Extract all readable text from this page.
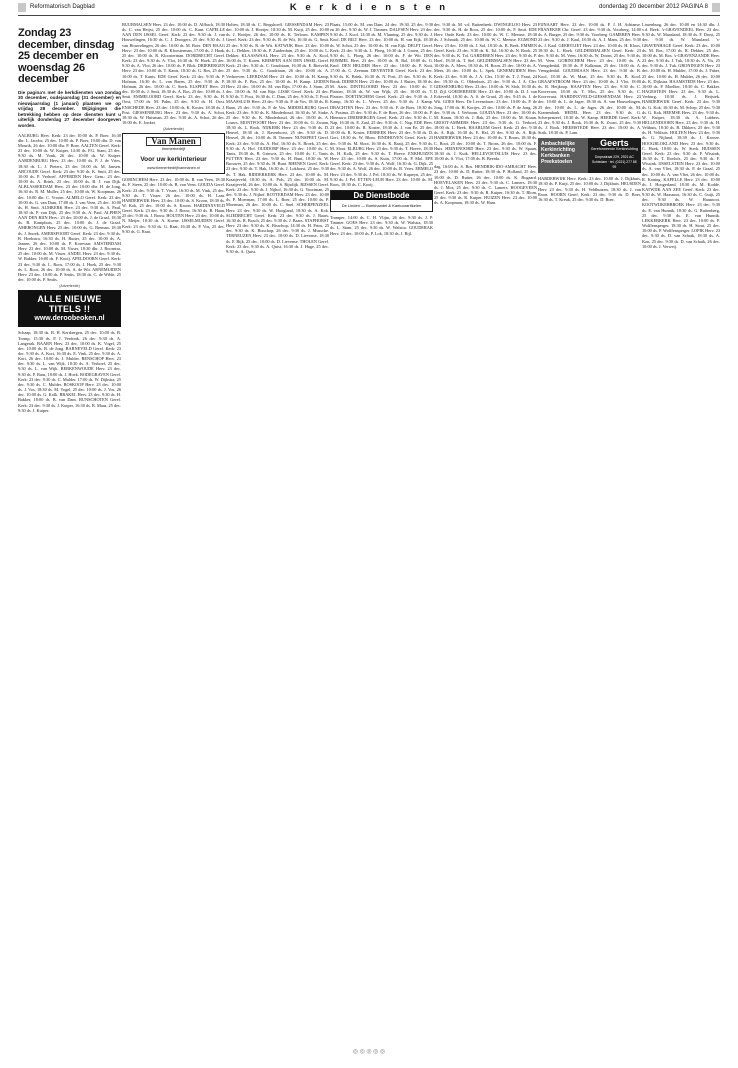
Reformatorisch Dagblad	K e r k d i e n s t e n	donderdag 20 december 2012 PAGINA 8
Zondag 23 december, dinsdag 25 december en woensdag 26 december
Die pagina's met de kerkdiensten van zondag 30 december, oudejaarsdag (31 december) en nieuwjaarsdag (1 januari) plaatsen we op vrijdag 28 december. Wijzigingen die betrekking hebben op deze diensten kunt u uiterlijk donderdag 27 december doorgeven worden.

AALBURG Herv. Kerk: 23 dec 10:00 ds. P. Boer, 16:30 dhr. L. Jacobs; 25 dec. 10:00 ds. P. Boer, 19:00 dhr. D. van Mourik, 26 dec. 10:00 dhr. P. Boer. AALTEN Geref. Kerk: 23 dec. 10:00 ds. W. Kuiper, 14:30 ds. P.G. Stam, 25 dec. 9:30 ds. M. Vonk, 26 dec. 10:00 ds. W. Kuiper. AARDENBURG Herv. 23 dec. 10:00 ds. P. J. de Vries, 18:30 ds. L. J. Pieters, 25 dec 10:00 ds. M. Jansen. ABCOUDE Geref. Kerk: 23 dec 9:30 ds. K. Smit, 25 dec. 10:00 ds. P. Verhoef. AFFERDEN Herv. Gem.: 23 dec. 10:00 ds. A. Brink, 25 dec. 10:00 ds. B. J. van Dijk. ALBLASSERDAM Herv. 23 dec 10:00 dhr. H. de Jong, 16:30 ds. R. M. Muller, 25 dec. 10:00 ds. W. Koopman, 26 dec. 10:00 dhr. C. Vroom. ALMELO Geref. Kerk: 23 dec 10:00 ds. G. van Dam, 17:00 ds. J. van Veen, 25 dec. 10:00 ds. H. Smit. ALMKERK Herv. 23 dec. 9:30 ds. A. Paul, 18:30 ds. P. van Dijk, 25 dec 9:30 ds. A. Paul. ALPHEN AAN DEN RIJN Herv.: 23 dec 10:00 ds. J. de Graaf, 18:30 ds. B. Kamphuis, 25 dec. 10:00 ds. J. de Graaf. AMERONGEN Herv. 23 dec. 10:00 ds. G. Breman, 18:30 ds. J. Snoek. AMERSFOORT Geref. Kerk: 23 dec. 9:30 ds. B. Hoekstra, 16:30 ds. H. Ruiter, 25 dec. 10:00 ds. A. Jansen, 26 dec. 10:00 ds. P. Korevaar. AMSTERDAM Herv. 23 dec. 10:00 ds. M. Visser, 18:30 dhr. J. Boonstra, 25 dec. 10:00 ds. M. Visser. ANDEL Herv. 23 dec. 9:30 ds. W. Bakker, 16:00 ds. F. Kooij. APELDOORN Geref. Kerk: 23 dec. 9:30 ds. L. Roos, 17:00 ds. J. Hoek, 25 dec. 9:30 ds. L. Roos, 26 dec. 10:00 ds. A. de Wit. ARNEMUIDEN Herv. 23 dec. 10:00 ds. P. Smits, 18:30 ds. C. de Wilde, 25 dec. 10:00 ds. P. Smits.

(Advertentie)
ALLE NIEUWE TITELS !!
www.deroobeoken.nl

Schaap, 18:30 ds. B. H. Kersbergen, 25 dec. 10:00 ds. B. Tromp, 15:30 ds. P. J. Verdonk, 26 dec. 9:30 ds. A. Langerak. BAARN Herv. 23 dec. 10:00 ds. K. Vogel, 25 dec. 10:00 ds. R. de Jong. BARNEVELD Geref. Kerk: 23 dec. 9:30 ds. A. Kort, 16:30 ds. E. Vink, 25 dec. 9:30 ds. A. Kort, 26 dec. 10:00 ds. J. Mulder. BENSCHOP Herv. 23 dec. 9:30 ds. L. van Wijk, 18:30 ds. A. Verhoef, 25 dec. 9:30 ds. L. van Wijk. BERKENWOUDE Herv. 23 dec. 9:30 ds. P. Baas, 18:00 ds. J. Hoek. BODEGRAVEN Geref. Kerk: 23 dec. 9:30 ds. C. Mulder, 17:00 ds. W. Dijkstra, 25 dec. 9:30 ds. C. Mulder. BOSKOOP Herv. 23 dec. 10:00 ds. J. Vos, 18:30 ds. M. Vogel, 25 dec. 10:00 ds. J. Vos, 26 dec. 10:00 ds. G. Kolk. BRAKEL Herv. 23 dec. 9:30 ds. H. Bakker, 18:00 ds. B. van Dam. BUNSCHOTEN Geref. Kerk: 23 dec. 9:30 ds. J. Kuiper, 16:30 ds. R. Maas, 25 dec. 9:30 ds. J. Kuiper.

BUURMALSEN Herv. 23 dec. 10:00 ds. D. Alfbach, 18:30 ds. C. van Heijst, 25 dec. 10:00 ds. C. Kant. CAPELLE AAN DEN IJSSEL Geref. Kerk: 23 dec. 9:30 ds. J. van Houwelingen, 16:30 ds. C. J. Droogers, 25 dec. 9:30 ds. J. van Houwelingen, 26 dec. 10:00 ds. M. Boer. DEN HAAG Herv.: 23 dec. 10:00 ds. R. Kloosterman, 17:00 ds. J. Haak, 25 dec. 10:00 ds. R. Kloosterman. DORDRECHT Geref. Kerk: 23 dec. 9:30 ds. A. Vlot, 16:30 ds. W. Hoek, 25 dec. 9:30 ds. A. Vlot, 26 dec. 10:00 ds. P. Blok. DRIEBERGEN Herv. 23 dec. 10:00 ds. T. Kanis, 18:30 ds. G. Ros, 25 dec. 10:00 ds. T. Kanis. EDE Geref. Kerk: 23 dec. 9:30 ds. P. Hofman, 16:30 ds. L. van Baren, 25 dec. 9:30 ds. P. Hofman, 26 dec. 10:00 ds. C. Sterk. ELSPEET Herv. 23 dec. 10:00 ds. J. Smit, 18:30 ds. A. Bos, 25 dec. 10:00 ds. J. Smit. EMMELOORD Geref. Kerk: 23 dec. 9:30 ds. H. Oost, 17:00 ds. M. Palm, 25 dec. 9:30 ds. H. Oost. ENSCHEDE Herv. 23 dec. 10:00 ds. K. Koster, 18:30 ds. J. Post. GIESSENBURG Herv. 23 dec. 9:30 ds. A. Schot, 18:30 ds. W. Huisman, 25 dec. 9:30 ds. A. Schot, 26 dec. 10:00 ds. E. Jonker.

(Advertentie)
Van Manen
timmerbedrijf
Voor uw kerkinterieur
www.timmerbedrijfvanmanen.nl

GORINCHEM Herv. 23 dec. 10:00 ds. B. van Veen, 18:30 ds. F. Steen, 25 dec. 10:00 ds. B. van Veen. GOUDA Geref. Kerk: 23 dec. 9:30 ds. T. Visser, 16:30 ds. M. Vink, 25 dec. 9:30 ds. T. Visser, 26 dec. 10:00 ds. H. Lam. HARDERWIJK Herv. 23 dec. 10:00 ds. S. Kroon, 18:30 ds. W. Kok, 25 dec. 10:00 ds. S. Kroon. HARDINXVELD Geref. Kerk: 23 dec. 9:30 ds. J. Bouw, 16:30 ds. R. Haan, 25 dec. 9:30 ds. J. Bouw. HOUTEN Herv. 23 dec. 10:00 ds. N. Meijer, 18:30 ds. A. Koene. IJSSELMUIDEN Geref. Kerk: 23 dec. 9:30 ds. G. Raat, 16:30 ds. P. Vos, 25 dec. 9:30 ds. G. Raat.

Holten, 18:30 ds. C. Bergshoeff. GIESSENDAM Herv. 23 dec. 10:00 ds. J. Hooijer, 18:30 ds. M. Kuijt, 25 dec. 10:00 ds. J. Hooijer, 26 dec. 10:00 ds. K. Terlouw. KAMPEN Geref. Kerk: 23 dec. 9:30 ds. R. de Wit, 16:30 ds. G. Smit, 25 dec. 9:30 ds. R. de Wit. KATWIJK Herv. 23 dec. 10:00 ds. L. Dekker, 18:30 ds. P. Zuiderduin, 25 dec. 10:00 ds. L. Dekker. KLAASWAAL Herv. 23 dec. 9:30 ds. A. Kool, 16:00 ds. T. Koren. KRIMPEN AAN DEN IJSSEL Geref. Kerk: 23 dec. 9:30 ds. C. Goudriaan, 16:30 ds. E. Rietveld, 25 dec. 9:30 ds. C. Goudriaan, 26 dec. 10:00 ds. A. Verhoeven. LEERDAM Herv. 23 dec. 10:00 ds. H. Kamp, 18:30 ds. F. Bos, 25 dec. 10:00 ds. H. Kamp. LEIDEN Herv. 23 dec. 10:00 ds. M. van Rijn, 17:00 ds. J. Stam, 25 dec. 10:00 ds. M. van Rijn. LISSE Geref. Kerk: 23 dec. 9:30 ds. T. Poot, 16:30 ds. C. Dam, 25 dec. 9:30 ds. T. Poot. MAASSLUIS Herv. 23 dec. 9:30 ds. P. de Vos, 18:30 ds. R. Baan, 25 dec. 9:30 ds. P. de Vos. MIDDELBURG Geref. Kerk: 23 dec. 9:30 ds. K. Minderhoud, 16:30 ds. W. Sinke, 25 dec. 9:30 ds. K. Minderhoud, 26 dec. 10:00 ds. A. Louws. MONTFOORT Herv. 23 dec. 10:00 ds. G. Zwaan, 18:30 ds. L. Rook. NIJKERK Herv. 23 dec. 9:30 ds. D. Heuvel, 18:30 ds. J. Ravenhorst, 25 dec. 9:30 ds. D. Heuvel, 26 dec. 10:00 ds. B. Timmer. NUNSPEET Geref. Kerk: 23 dec. 9:30 ds. A. Hof, 16:30 ds. E. Broek, 25 dec. 9:30 ds. A. Hof. OUDDORP Herv. 23 dec. 10:00 ds. C. Tanis, 18:30 ds. B. Grinwis, 25 dec. 10:00 ds. C. Tanis. PUTTEN Herv. 23 dec. 9:30 ds. H. Bunt, 18:30 ds. W. Brouwer, 25 dec. 9:30 ds. H. Bunt. RHENEN Geref. Kerk: 23 dec. 9:30 ds. T. Hak, 16:30 ds. J. Lokhorst, 25 dec. 9:30 ds. T. Hak. RIDDERKERK Herv. 23 dec. 10:00 ds. M. Kraaijeveld, 18:30 ds. A. Pols, 25 dec. 10:00 ds. M. Kraaijeveld, 26 dec. 10:00 ds. S. Rijsdijk. RIJSSEN Geref. Kerk: 23 dec. 9:30 ds. J. Nijhof, 16:30 ds. G. Voortman, 25 dec. 9:30 ds. J. Nijhof. ROTTERDAM Herv. 23 dec. 10:00 ds. P. Moerman, 17:00 ds. L. Boer, 25 dec. 10:00 ds. P. Moerman, 26 dec. 10:00 ds. C. Snel. SCHERPENZEEL Herv. 23 dec. 9:30 ds. W. Hoogland, 18:30 ds. A. Kok. SLIEDRECHT Geref. Kerk: 23 dec. 9:30 ds. J. Baars, 16:30 ds. R. Bosch, 25 dec. 9:30 ds. J. Baars. STAPHORST Herv. 23 dec. 9:30 ds. K. Bisschop, 14:30 ds. H. Prins, 25 dec. 9:30 ds. K. Bisschop, 26 dec. 9:30 ds. J. Mussche. TERNEUZEN Herv. 23 dec. 10:00 ds. D. Lievense, 18:30 ds. F. Rijk, 25 dec. 10:00 ds. D. Lievense. THOLEN Geref. Kerk: 23 dec. 9:30 ds. A. Quist, 16:30 ds. J. Hage, 25 dec. 9:30 ds. A. Quist.

Plaats, 15:00 ds. M. van Dam, 24 dec. 19:30, 25 dec. 9:30 en 26 dec. 9:30 ds. W. J. Timmer. DALFSEN Herv. 23 dec. 9:30 ds. J. Kool, 14:30 ds. M. Vlaming, 25 dec. 9:30 ds. J. Kool. DE BILT Herv. 23 dec. 10:00 ds. H. van Eijk, 18:30 ds. W. Schot, 25 dec. 10:00 ds. H. van Eijk. DELFT Geref. Kerk: 23 dec. 9:30 ds. L. Ploeg, 16:30 ds. J. Groen, 25 dec. 9:30 ds. L. Ploeg, 26 dec. 10:00 ds. F. de Wit. DEN BOMMEL Herv. 23 dec. 10:00 ds. R. Bol, 18:00 ds. G. Knol. DEN HELDER Herv. 23 dec. 10:00 ds. P. Kuit, 17:00 ds. C. Zeeman. DEVENTER Geref. Kerk: 23 dec. 9:30 ds. K. Brink, 16:30 ds. N. Post, 25 dec. 9:30 ds. K. Brink. DIEREN Herv. 23 dec. 10:00 ds. J. Ruiter, 18:30 ds. M. Aarts. DINTELOORD Herv. 23 dec. 10:00 ds. T. Plaisier, 18:30 ds. W. van Wijk, 25 dec. 10:00 ds. T. Plaisier. DOETINCHEM Geref. Kerk: 23 dec. 9:30 ds. J. Kamp, 16:30 ds. L. Wever, 25 dec. 9:30 ds. J. Kamp. DRACHTEN Herv. 23 dec. 9:30 ds. F. de Boer, 18:30 ds. A. Postma, 25 dec. 9:30 ds. F. de Boer, 26 dec. 10:00 ds. P. Hiemstra. DRIEBERGEN Geref. Kerk: 23 dec. 9:30 ds. C. Nap, 16:30 ds. E. Zaal, 25 dec. 9:30 ds. C. Nap. EDE Herv. 23 dec. 10:00 ds. R. Koster, 18:30 ds. J. van Ee, 25 dec. 10:00 ds. R. Koster. EERBEEK Herv. 23 dec. 9:30 ds. D. Gort, 18:30 ds. W. Blom. EINDHOVEN Geref. Kerk: 23 dec. 9:30 ds. M. Sloot, 16:30 ds. K. Raaij, 25 dec. 9:30 ds. M. Sloot. ELBURG Herv. 23 dec. 9:30 ds. T. Hoeve, 18:30 ds. H. Kolk, 25 dec. 9:30 ds. T. Hoeve. ENKHUIZEN Herv. 23 dec. 10:00 ds. S. Kuin, 17:00 ds. P. Mol. EPE Geref. Kerk: 23 dec. 9:30 ds. A. Wolf, 16:30 ds. G. Dijk, 25 dec. 9:30 ds. A. Wolf, 26 dec. 10:00 ds. B. Vries. ERMELO Herv. 23 dec. 9:30 ds. J. Pel, 18:30 ds. W. Kapteyn, 25 dec. 9:30 ds. J. Pel. ETTEN-LEUR Herv. 23 dec. 10:00 ds. M. Roos, 18:30 ds. C. Kooij.

De Dienstbode
De Linden — Boekhandel & Kantoorartikelen

Tramper, 14:00 ds. C. H. Vlijm, 26 dec. 9:30 ds. J. P. Timmer. GOES Herv. 23 dec. 9:30 ds. W. Walstra, 18:30 ds. L. Stam, 25 dec. 9:30 ds. W. Walstra. GOUDERAK Herv. 23 dec. 10:00 ds. P. Lok, 18:30 ds. J. Bijl.

dec. 9:30 ds. M. v.d. Ruitenbeek. DWINGELOO Herv. 23 dec. 9:30 ds. H. de Roos, 25 dec. 10:00 ds. F. Smit. EDE Herv. Oude Kerk: 23 dec. 10:00 ds. W. C. Meeuse, 18:30 ds. J. Schmidt, 25 dec. 10:00 ds. W. C. Meeuse. EGMOND Herv. 23 dec. 10:00 ds. J. Sol, 18:30 ds. B. Beek. EMMEN Geref. Kerk: 23 dec. 9:30 ds. K. Tol, 16:30 ds. N. Rook, 25 dec. 9:30 ds. K. Tol. GARDEREN Herv. 23 dec. 9:30 ds. P. Hoef, 18:30 ds. T. Stel. GELDERMALSEN Herv. 23 dec. 10:00 ds. A. Mees, 18:30 ds. H. Boon, 25 dec. 10:00 ds. A. Mees, 26 dec. 10:00 ds. L. Spek. GENEMUIDEN Herv. Kerk: 23 dec. 9:30 ds. J. A. Cler, 15:30 ds. T. J. Fraai, 24 dec. 19:30 ds. C. Oldenhuis, 25 dec. 9:30 ds. J. A. Cler. GIESSENBURG Herv. 23 dec. 10:00 ds. W. Slob, 18:30 ds. D. Zijl. GOEDEREEDE Herv. 23 dec. 10:00 ds. D. J. van Eckeveld, 18:30 ds. A. S. de Graaf, 25 dec. 9:45 ds. J. de Wit. GOES Herv. De Levensbron: 23 dec. 10:00 ds. P. de Jong, 17:00 ds. H. Kortjes, 25 dec. 10:00 ds. P. de Jong, 26 dec. 9:30 ds. J. Verboom. GOUDA Herv. 23 dec. 10:00 ds. M. Kraan, 18:30 ds. J. Bak, 25 dec. 10:00 ds. M. Kraan. GROOT-AMMERS Herv. 23 dec. 9:30 ds. G. Verhoef, 18:00 ds. L. Beek. HAARLEM Geref. Kerk: 23 dec. 9:30 ds. A. Rijk, 16:30 ds. E. Hal, 25 dec. 9:30 ds. A. Rijk. HARDERWIJK Herv. 23 dec. 10:00 ds. T. Brons, 18:30 ds. C. Boot, 25 dec. 10:00 ds. T. Brons, 26 dec. 10:00 ds. F. Huis. HEINENOORD Herv. 23 dec. 9:30 ds. W. Spaan, 18:30 ds. J. Kuik. HELLEVOETSLUIS Herv. 23 dec. 10:00 ds. S. Vlot, 17:00 ds. B. Beerda.

dag, 16:00 ds. S. Bos. HENDRIK-IDO-AMBACHT Herv. 23 dec. 10:00 ds. D. Ruiter, 18:30 ds. P. Hofland, 25 dec. 10:00 ds. D. Ruiter, 26 dec. 10:00 ds. K. Bogaard. HOEVELAKEN Herv. 23 dec. 9:30 ds. C. Lamers, 18:30 ds. J. Mos, 25 dec. 9:30 ds. C. Lamers. HOOGEVEEN Geref. Kerk: 23 dec. 9:30 ds. R. Kuiper, 16:30 ds. T. Blom, 25 dec. 9:30 ds. R. Kuiper. HUIZEN Herv. 23 dec. 10:00 ds. A. Koopman, 18:30 ds. W. Ham.

FIJNAART Herv. 23 dec. 10:00 ds. P. J. H. Adrianse. FRANEKER Chr. Geref. 23 dec. 9:30 ds. Voorberg, 14:00 ds. A. Burger, 25 dec. 9:30 ds. Voorberg. GAMEREN Herv. 23 dec. 9:30 ds. J. Kaal, 18:30 ds. A. J. Mans, 25 dec. 9:30 ds. J. Kaal. GEERVLIET Herv. 23 dec. 10:00 ds. H. Kloos, 18:30 ds. L. Hoek. GELDERMALSEN Geref. Kerk: 23 dec. 9:30 ds. M. Veen, 16:30 ds. W. Doorn, 25 dec. 9:30 ds. M. Veen. GORINCHEM Herv. 23 dec. 10:00 ds. A. Vreugdenhil, 18:30 ds. P. Kalkman, 25 dec. 10:00 ds. A. Vreugdenhil. GOUDRIAAN Herv. 23 dec. 9:30 ds. B. Kool, 18:30 ds. W. Maat, 25 dec. 9:30 ds. B. Kool. GRAAFSTROOM Herv. 23 dec. 10:00 ds. J. Vlot, 18:00 ds. R. Heijkoop. HAAFTEN Herv. 23 dec. 9:30 ds. C. Koorevaar, 18:30 ds. T. Mos, 25 dec. 9:30 ds. C. Koorevaar. HARDINXVELD-GIESSENDAM Herv. 23 dec. 10:00 ds. L. de Jager, 18:30 ds. A. van Houwelingen, 25 dec. 10:00 ds. L. de Jager, 26 dec. 10:00 ds. M. Kranendonk. HEDEL Herv. 23 dec. 9:30 ds. G. Scherpenzeel, 18:30 ds. W. Kamp. HEERDE Geref. Kerk: 23 dec. 9:30 ds. J. Rook, 16:30 ds. K. Zwart, 25 dec. 9:30 ds. J. Rook. HEEMSTEDE Herv. 23 dec. 10:00 ds. A. Strik, 18:30 ds. P. Lam.

Ambachtelijke Kerkinrichting Kerkbanken Preekstoelen
Geerts
Gereformeerde Kerkinrichting
Dorpsstraat 229, 2921 AC Schiedam · tel. (0221) 277 88 99

HARDERWIJK Herv. Kerk: 23 dec. 10:00 ds. J. Dijkhuis, 18:30 ds. P. Kuijt, 25 dec. 10:00 ds. J. Dijkhuis. HEUSDEN Herv. 23 dec. 9:30 ds. H. Veldhuizen, 18:30 ds. J. van Roon. HOORN Geref. Kerk: 23 dec. 9:30 ds. D. Boer, 16:30 ds. T. Kreuk, 25 dec. 9:30 ds. D. Boer.

Lissenburg, 26 dec. 10:00 en 14:30 dhr. J. v.d. Beek. 's-GRAVENDEEL Herv. 23 dec. 9:30 ds. W. Maasland, 18:30 ds. F. Dorst, 25 dec. 9:30 ds. W. Maasland. 's-GRAVENHAGE Geref. Kerk: 23 dec. 10:00 ds. M. Bos, 17:00 ds. R. Dekker, 25 dec. 10:00 ds. M. Bos. 's-GRAVENZANDE Herv. 23 dec. 9:30 ds. J. Tuk, 18:30 ds. A. Vis, 25 dec. 9:30 ds. J. Tuk. GRONINGEN Herv. 23 dec. 10:00 ds. H. Mulder, 17:00 ds. J. Faber, 25 dec. 10:00 ds. H. Mulder, 26 dec. 10:00 ds. K. Dijkstra. HAAMSTEDE Herv. 23 dec. 10:00 ds. P. Moelker, 18:30 ds. C. Bakker. HAGESTEIN Herv. 23 dec. 9:30 ds. L. Verburg, 18:30 ds. J. Heijstek. HARDERWIJK Geref. Kerk: 23 dec. 9:30 ds. G. Kok, 16:30 ds. M. Schep, 25 dec. 9:30 ds. G. Kok. HEEMSE Herv. 23 dec. 9:30 ds. W. Kuiper, 18:30 ds. A. Lubbers. HELLENDOORN Herv. 23 dec. 9:30 ds. H. Velthuis, 18:30 ds. B. Dikkers, 25 dec. 9:30 ds. H. Velthuis. HOLTEN Herv. 23 dec. 9:30 ds. G. Nijland, 18:30 ds. J. Kroeze. HOOGBLOKLAND Herv. 23 dec. 9:30 ds. C. Hoek, 18:00 ds. W. Sterk. HUISSEN Geref. Kerk: 23 dec. 9:30 ds. F. Wissink, 16:30 ds. T. Roelofs, 25 dec. 9:30 ds. F. Wissink. IJSSELSTEIN Herv. 23 dec. 10:00 ds. A. van Vliet, 18:30 ds. P. de Graaf, 25 dec. 10:00 ds. A. van Vliet, 26 dec. 10:00 ds. R. Koning. KAPELLE Herv. 23 dec. 10:00 ds. J. Hoogerland, 18:30 ds. M. Kodde. KATWIJK AAN ZEE Geref. Kerk: 23 dec. 9:30 ds. W. Haasnoot, 16:30 ds. C. Guijt, 25 dec. 9:30 ds. W. Haasnoot. KOOTWIJKERBROEK Herv. 23 dec. 9:30 ds. E. van Hunnik, 18:30 ds. G. Ruitenberg, 25 dec. 9:30 ds. E. van Hunnik. LEKKERKERK Herv. 23 dec. 10:00 ds. P. Wolffensperger, 18:30 ds. H. Stout, 25 dec. 10:00 ds. P. Wolffensperger. LOPIK Herv. 23 dec. 9:30 ds. D. van Schaik, 18:30 ds. A. Kon, 25 dec. 9:30 ds. D. van Schaik, 26 dec. 10:00 ds. J. Verweij.

◎ ◎ ◎ ◎ ◎
